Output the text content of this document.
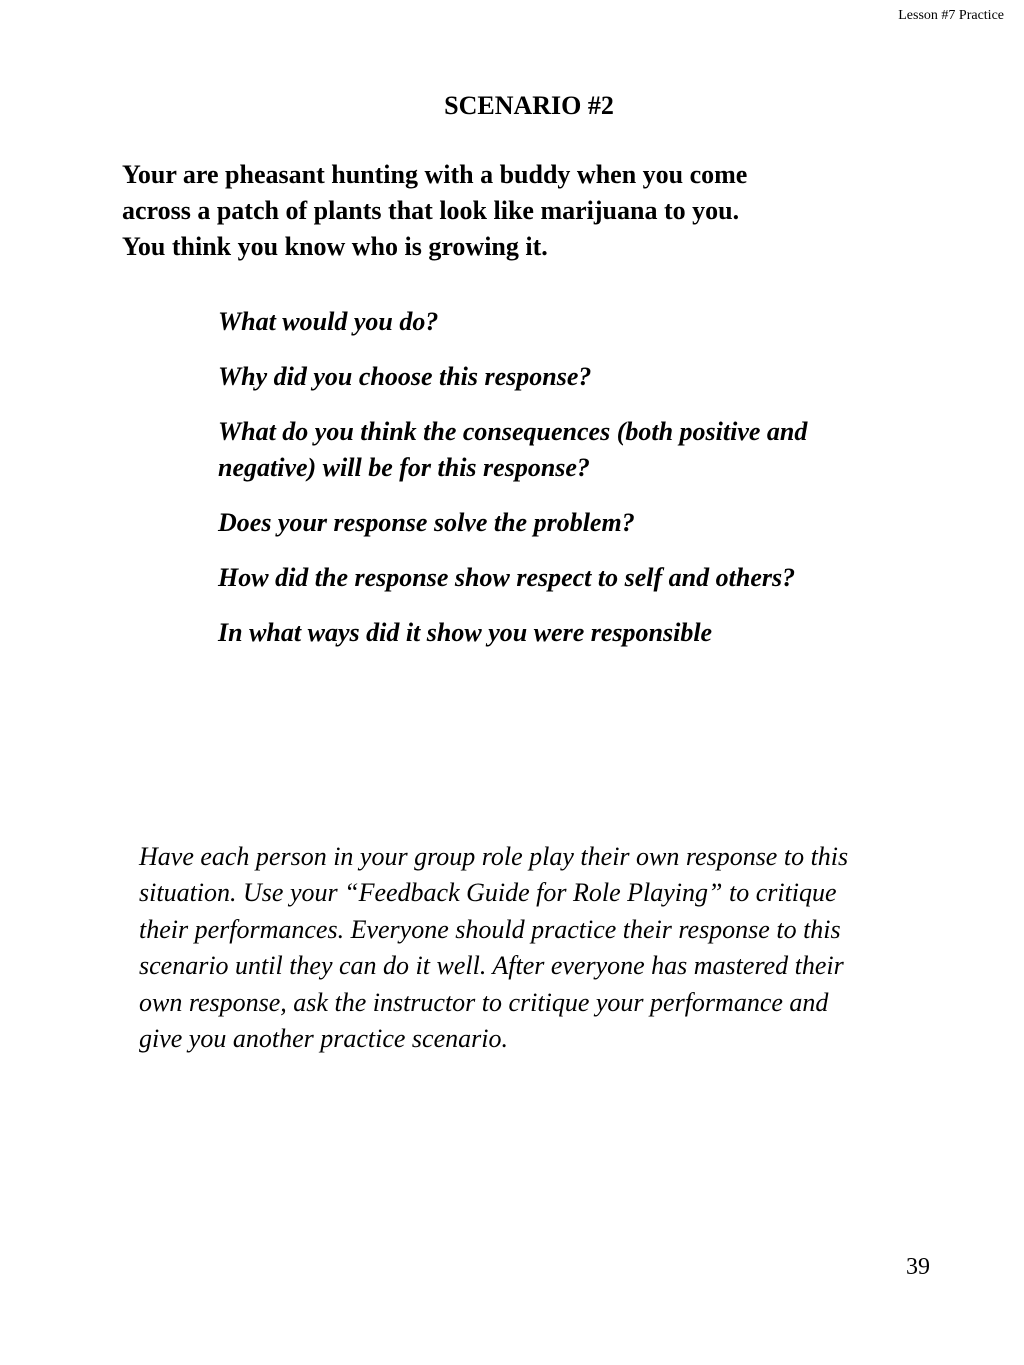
Lesson #7 Practice
SCENARIO #2
Your are pheasant hunting with a buddy when you come
across a patch of plants that look like marijuana to you.
You think you know who is growing it.
What would you do?
Why did you choose this response?
What do you think the consequences (both positive and
negative) will be for this response?
Does your response solve the problem?
How did the response show respect to self and others?
In what ways did it show you were responsible
Have each person in your group role play their own response to this
situation. Use your “Feedback Guide for Role Playing” to critique
their performances. Everyone should practice their response to this
scenario until they can do it well. After everyone has mastered their
own response, ask the instructor to critique your performance and
give you another practice scenario.
39
